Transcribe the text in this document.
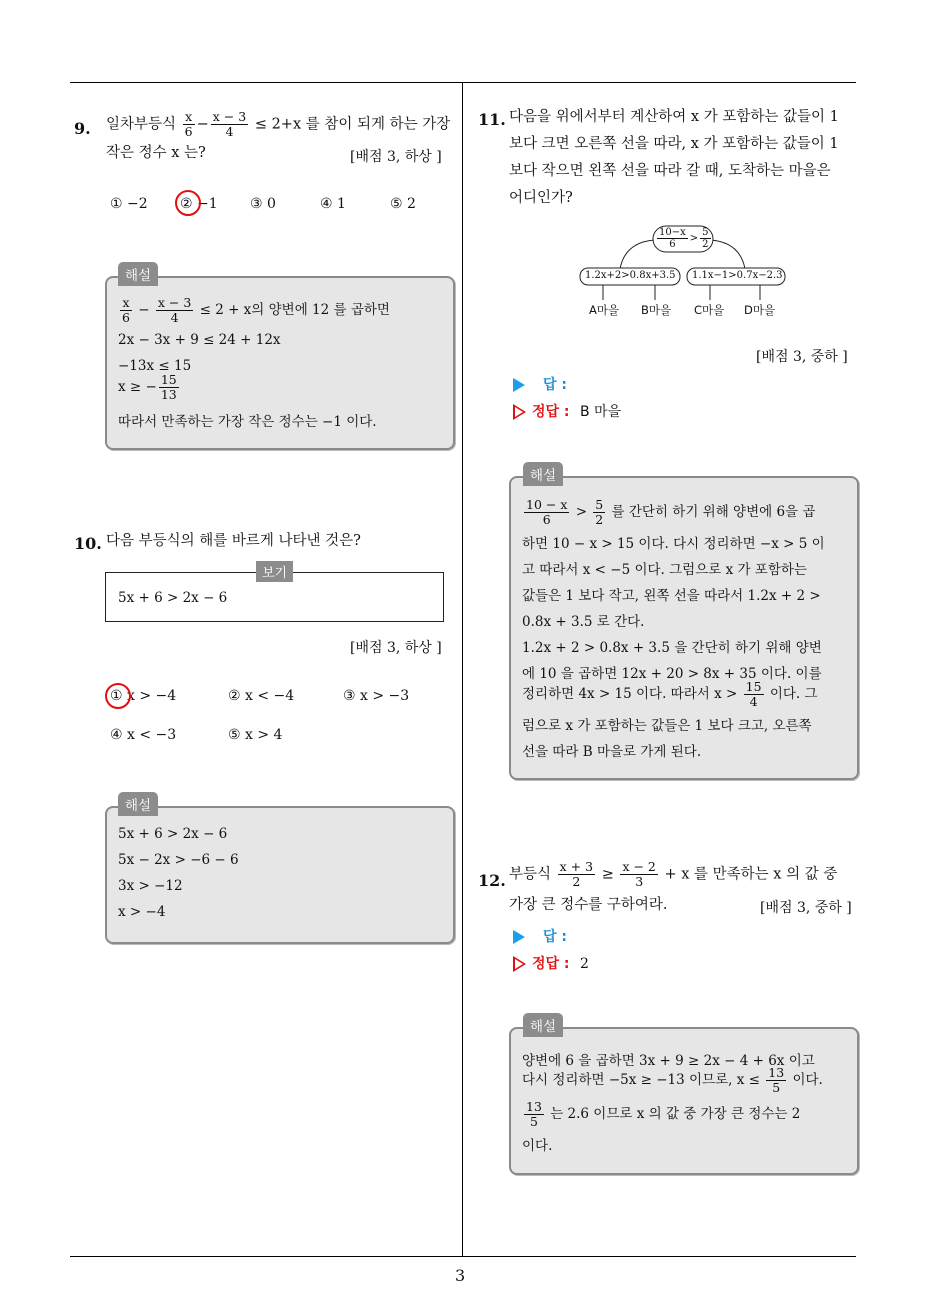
3
9. 일차부등식 $\frac{x}{6} - \frac{x - 3}{4} \le 2+x$ 를 참이 되게 하는 가장
작은 정수 x 는?	[배점 3, 하상 ]
① −2 ② −1 ③ 0	④ 1	⑤ 2
해설
$\frac{x}{6} - \frac{x - 3}{4} \le 2 + x$의 양변에 12 를 곱하면
2x − 3x + 9 ≤ 24 + 12x
−13x ≤ 15
x ≥ − $\frac{15}{13}$
따라서 만족하는 가장 작은 정수는 −1 이다.
10. 다음 부등식의 해를 바르게 나타낸 것은?
보기
5x + 6 > 2x − 6
[배점 3, 하상 ]
① x > −4	② x < −4	③ x > −3
④ x < −3	⑤ x > 4
해설
5x + 6 > 2x − 6
5x − 2x > −6 − 6
3x > −12
x > −4
11. 다음을 위에서부터 계산하여 x 가 포함하는 값들이 1
보다 크면 오른쪽 선을 따라, x 가 포함하는 값들이 1
보다 작으면 왼쪽 선을 따라 갈 때, 도착하는 마을은
어디인가?
$\frac{10-x}{6} > \frac{5}{2}$
1.2x+2>0.8x+3.5 1.1x−1>0.7x−2.3
A마을 B마을 C마을 D마을
[배점 3, 중하 ]
답 :
정답 : B 마을
해설
$\frac{10 - x}{6} > \frac{5}{2}$ 를 간단히 하기 위해 양변에 6을 곱
하면 10 − x > 15 이다. 다시 정리하면 −x > 5 이
고 따라서 x < −5 이다. 그럼으로 x 가 포함하는
값들은 1 보다 작고, 왼쪽 선을 따라서 1.2x + 2 >
0.8x + 3.5 로 간다.
1.2x + 2 > 0.8x + 3.5 을 간단히 하기 위해 양변
에 10 을 곱하면 12x + 20 > 8x + 35 이다. 이를
정리하면 4x > 15 이다. 따라서 $x > \frac{15}{4}$ 이다. 그
럼으로 x 가 포함하는 값들은 1 보다 크고, 오른쪽
선을 따라 B 마을로 가게 된다.
12. 부등식 $\frac{x + 3}{2} \ge \frac{x - 2}{3} + x$ 를 만족하는 x 의 값 중
가장 큰 정수를 구하여라.	[배점 3, 중하 ]
답 :
정답 : 2
해설
양변에 6 을 곱하면 3x + 9 ≥ 2x − 4 + 6x 이고
다시 정리하면 −5x ≥ −13 이므로, $x \le \frac{13}{5}$ 이다.
$\frac{13}{5}$ 는 2.6 이므로 x 의 값 중 가장 큰 정수는 2
이다.
